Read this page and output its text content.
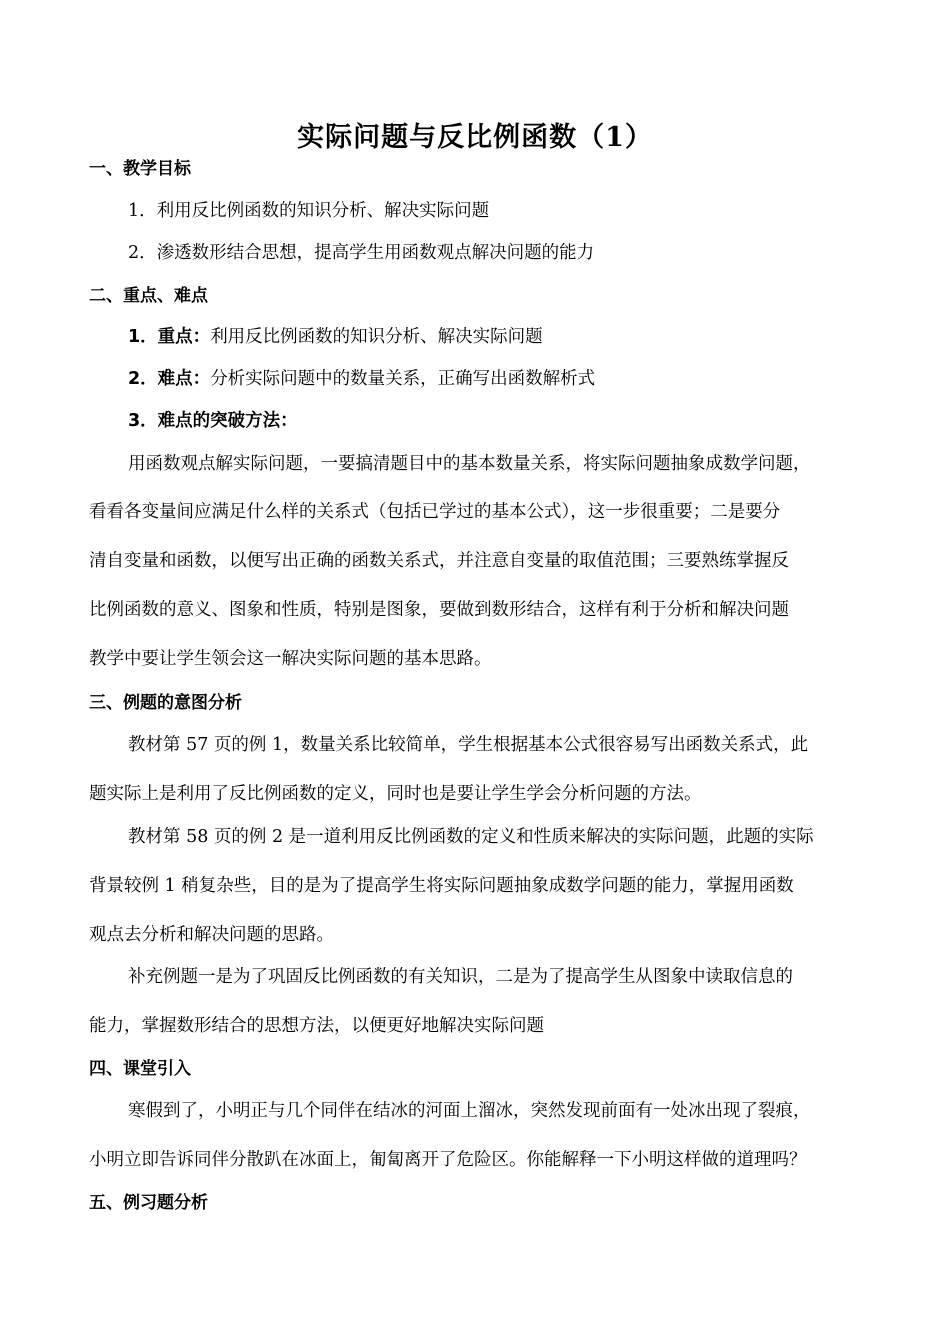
实际问题与反比例函数（1）
一、教学目标
1．利用反比例函数的知识分析、解决实际问题
2．渗透数形结合思想，提高学生用函数观点解决问题的能力
二、重点、难点
1．重点：利用反比例函数的知识分析、解决实际问题
2．难点：分析实际问题中的数量关系，正确写出函数解析式
3．难点的突破方法：
用函数观点解实际问题，一要搞清题目中的基本数量关系，将实际问题抽象成数学问题，
看看各变量间应满足什么样的关系式（包括已学过的基本公式），这一步很重要；二是要分
清自变量和函数，以便写出正确的函数关系式，并注意自变量的取值范围；三要熟练掌握反
比例函数的意义、图象和性质，特别是图象，要做到数形结合，这样有利于分析和解决问题
教学中要让学生领会这一解决实际问题的基本思路。
三、例题的意图分析
教材第 57 页的例 1，数量关系比较简单，学生根据基本公式很容易写出函数关系式，此
题实际上是利用了反比例函数的定义，同时也是要让学生学会分析问题的方法。
教材第 58 页的例 2 是一道利用反比例函数的定义和性质来解决的实际问题，此题的实际
背景较例 1 稍复杂些，目的是为了提高学生将实际问题抽象成数学问题的能力，掌握用函数
观点去分析和解决问题的思路。
补充例题一是为了巩固反比例函数的有关知识，二是为了提高学生从图象中读取信息的
能力，掌握数形结合的思想方法，以便更好地解决实际问题
四、课堂引入
寒假到了，小明正与几个同伴在结冰的河面上溜冰，突然发现前面有一处冰出现了裂痕，
小明立即告诉同伴分散趴在冰面上，匍匐离开了危险区。你能解释一下小明这样做的道理吗？
五、例习题分析
